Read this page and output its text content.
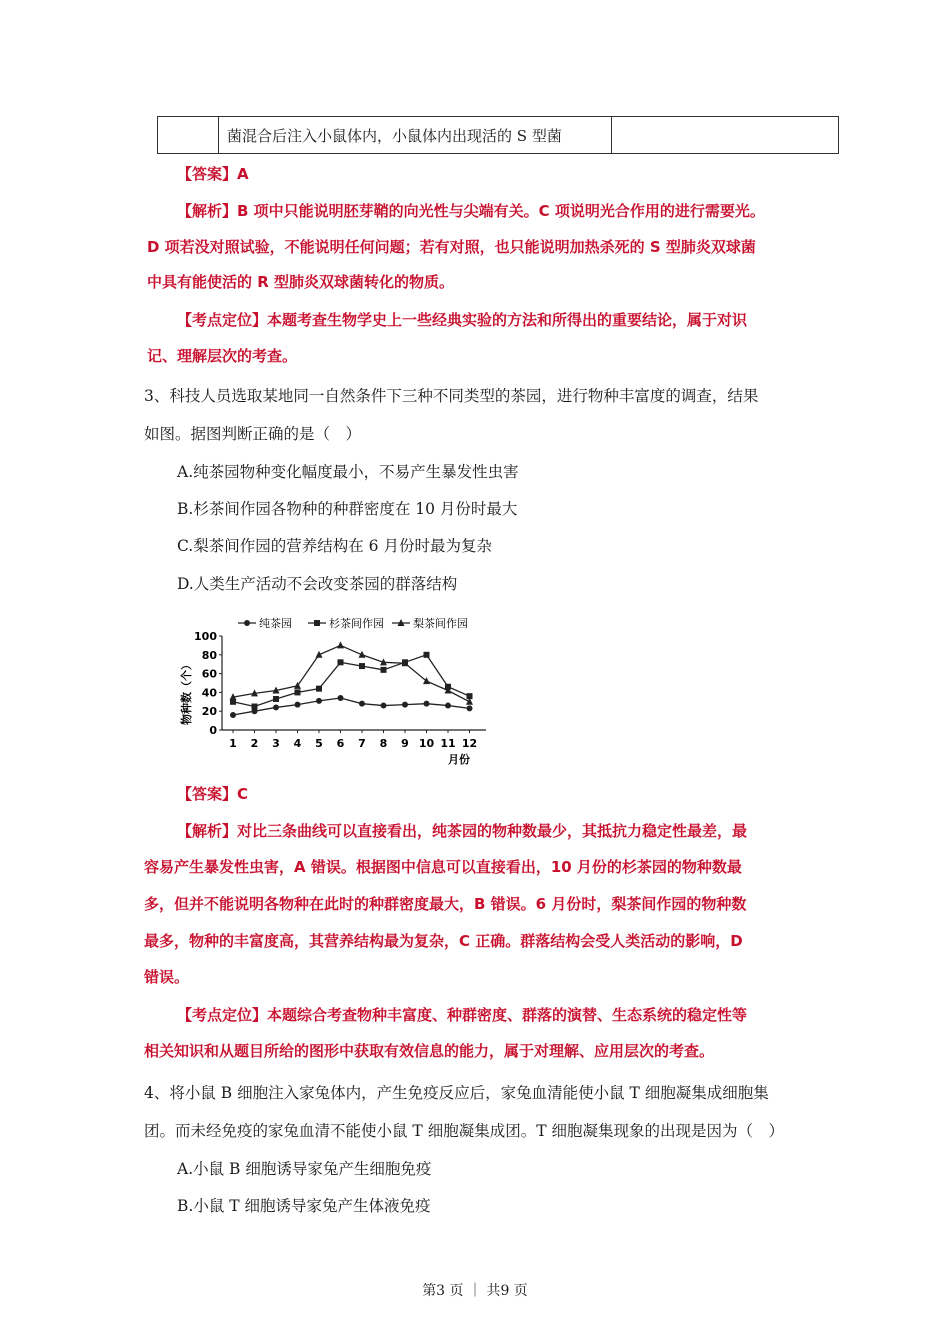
	菌混合后注入小鼠体内，小鼠体内出现活的 S 型菌	
【答案】A
【解析】B 项中只能说明胚芽鞘的向光性与尖端有关。C 项说明光合作用的进行需要光。
D 项若没对照试验，不能说明任何问题；若有对照，也只能说明加热杀死的 S 型肺炎双球菌
中具有能使活的 R 型肺炎双球菌转化的物质。
【考点定位】本题考查生物学史上一些经典实验的方法和所得出的重要结论，属于对识
记、理解层次的考查。
3、科技人员选取某地同一自然条件下三种不同类型的茶园，进行物种丰富度的调查，结果
如图。据图判断正确的是（　）
A.纯茶园物种变化幅度最小，不易产生暴发性虫害
B.杉茶间作园各物种的种群密度在 10 月份时最大
C.梨茶间作园的营养结构在 6 月份时最为复杂
D.人类生产活动不会改变茶园的群落结构
纯茶园	杉茶间作园	梨茶间作园
物种数（个）
0
20
40
60
80
100
1 2 3 4 5 6 7 8 9 10 11 12
月份
【答案】C
【解析】对比三条曲线可以直接看出，纯茶园的物种数最少，其抵抗力稳定性最差，最
容易产生暴发性虫害，A 错误。根据图中信息可以直接看出，10 月份的杉茶园的物种数最
多，但并不能说明各物种在此时的种群密度最大，B 错误。6 月份时，梨茶间作园的物种数
最多，物种的丰富度高，其营养结构最为复杂，C 正确。群落结构会受人类活动的影响，D
错误。
【考点定位】本题综合考查物种丰富度、种群密度、群落的演替、生态系统的稳定性等
相关知识和从题目所给的图形中获取有效信息的能力，属于对理解、应用层次的考查。
4、将小鼠 B 细胞注入家兔体内，产生免疫反应后，家兔血清能使小鼠 T 细胞凝集成细胞集
团。而未经免疫的家兔血清不能使小鼠 T 细胞凝集成团。T 细胞凝集现象的出现是因为（　）
A.小鼠 B 细胞诱导家兔产生细胞免疫
B.小鼠 T 细胞诱导家兔产生体液免疫
第3 页 ｜ 共9 页
